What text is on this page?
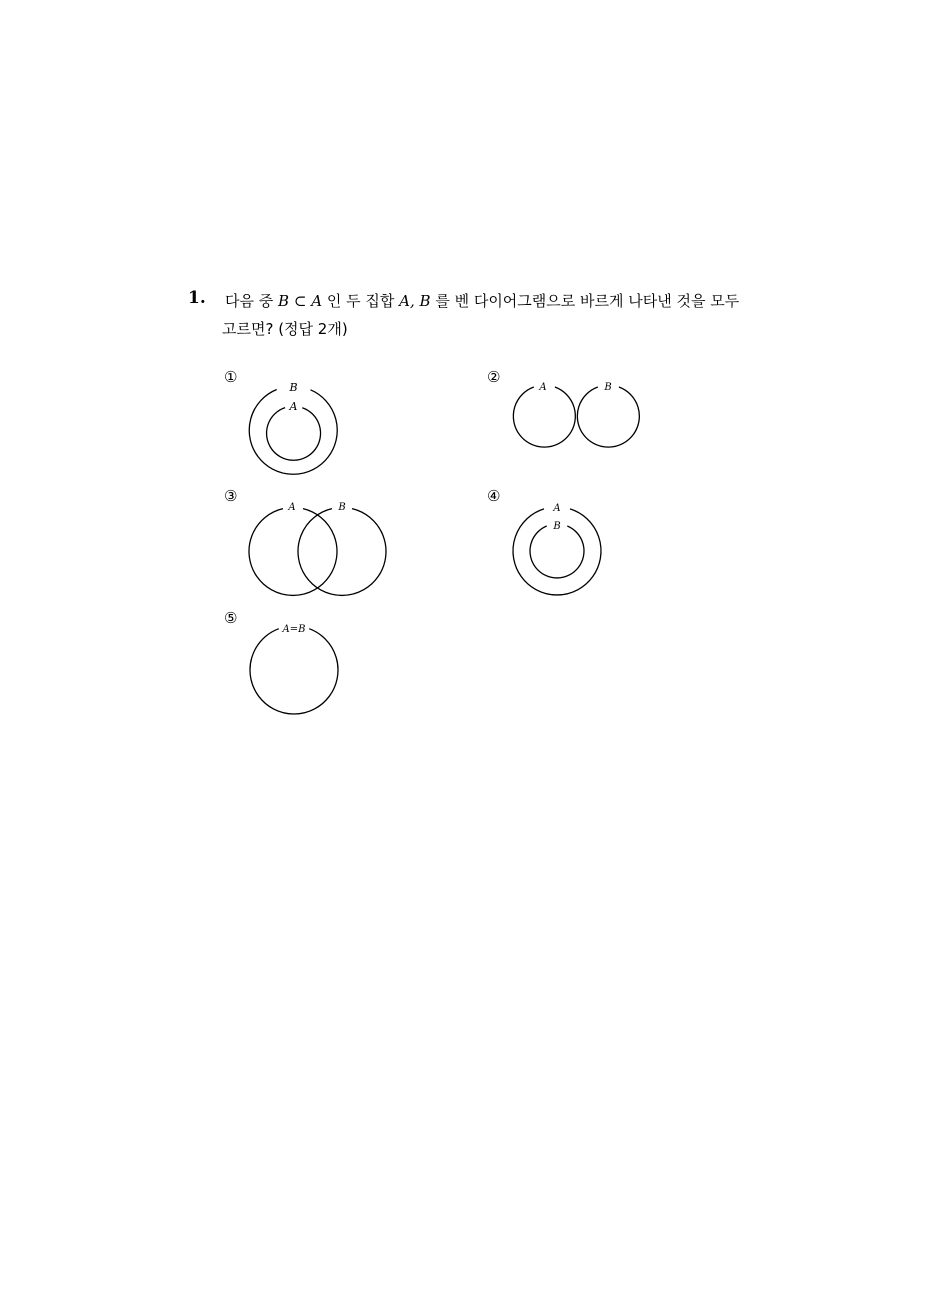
1. 다음 중 B ⊂ A 인 두 집합 A, B 를 벤 다이어그램으로 바르게 나타낸 것을 모두
고르면? (정답 2개)
①	②
③	④
⑤
B
A
A	B
A	B	A
B
A=B
